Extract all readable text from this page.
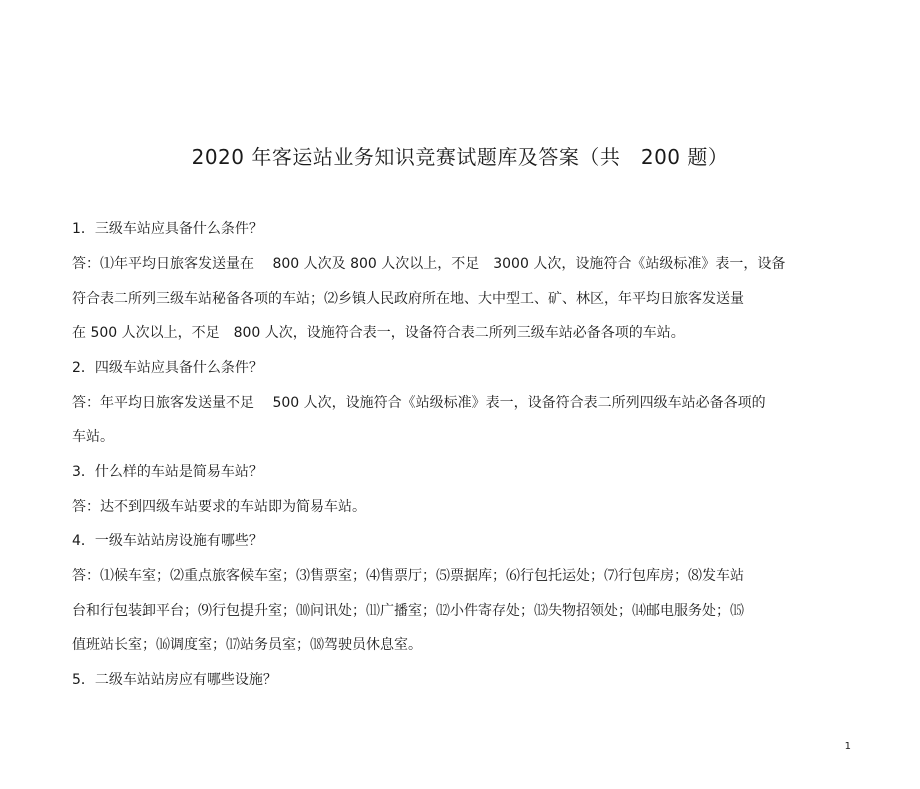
2020 年客运站业务知识竞赛试题库及答案（共　200 题）
1．三级车站应具备什么条件？
答：⑴年平均日旅客发送量在　 800 人次及 800 人次以上，不足　3000 人次，设施符合《站级标准》表一，设备
符合表二所列三级车站秘备各项的车站；⑵乡镇人民政府所在地、大中型工、矿、林区，年平均日旅客发送量
在 500 人次以上，不足　800 人次，设施符合表一，设备符合表二所列三级车站必备各项的车站。
2．四级车站应具备什么条件？
答：年平均日旅客发送量不足　 500 人次，设施符合《站级标准》表一，设备符合表二所列四级车站必备各项的
车站。
3．什么样的车站是简易车站？
答：达不到四级车站要求的车站即为简易车站。
4．一级车站站房设施有哪些？
答：⑴候车室；⑵重点旅客候车室；⑶售票室；⑷售票厅；⑸票据库；⑹行包托运处；⑺行包库房；⑻发车站
台和行包装卸平台；⑼行包提升室；⑽问讯处；⑾广播室；⑿小件寄存处；⒀失物招领处；⒁邮电服务处；⒂
值班站长室；⒃调度室；⒄站务员室；⒅驾驶员休息室。
5．二级车站站房应有哪些设施？
1
